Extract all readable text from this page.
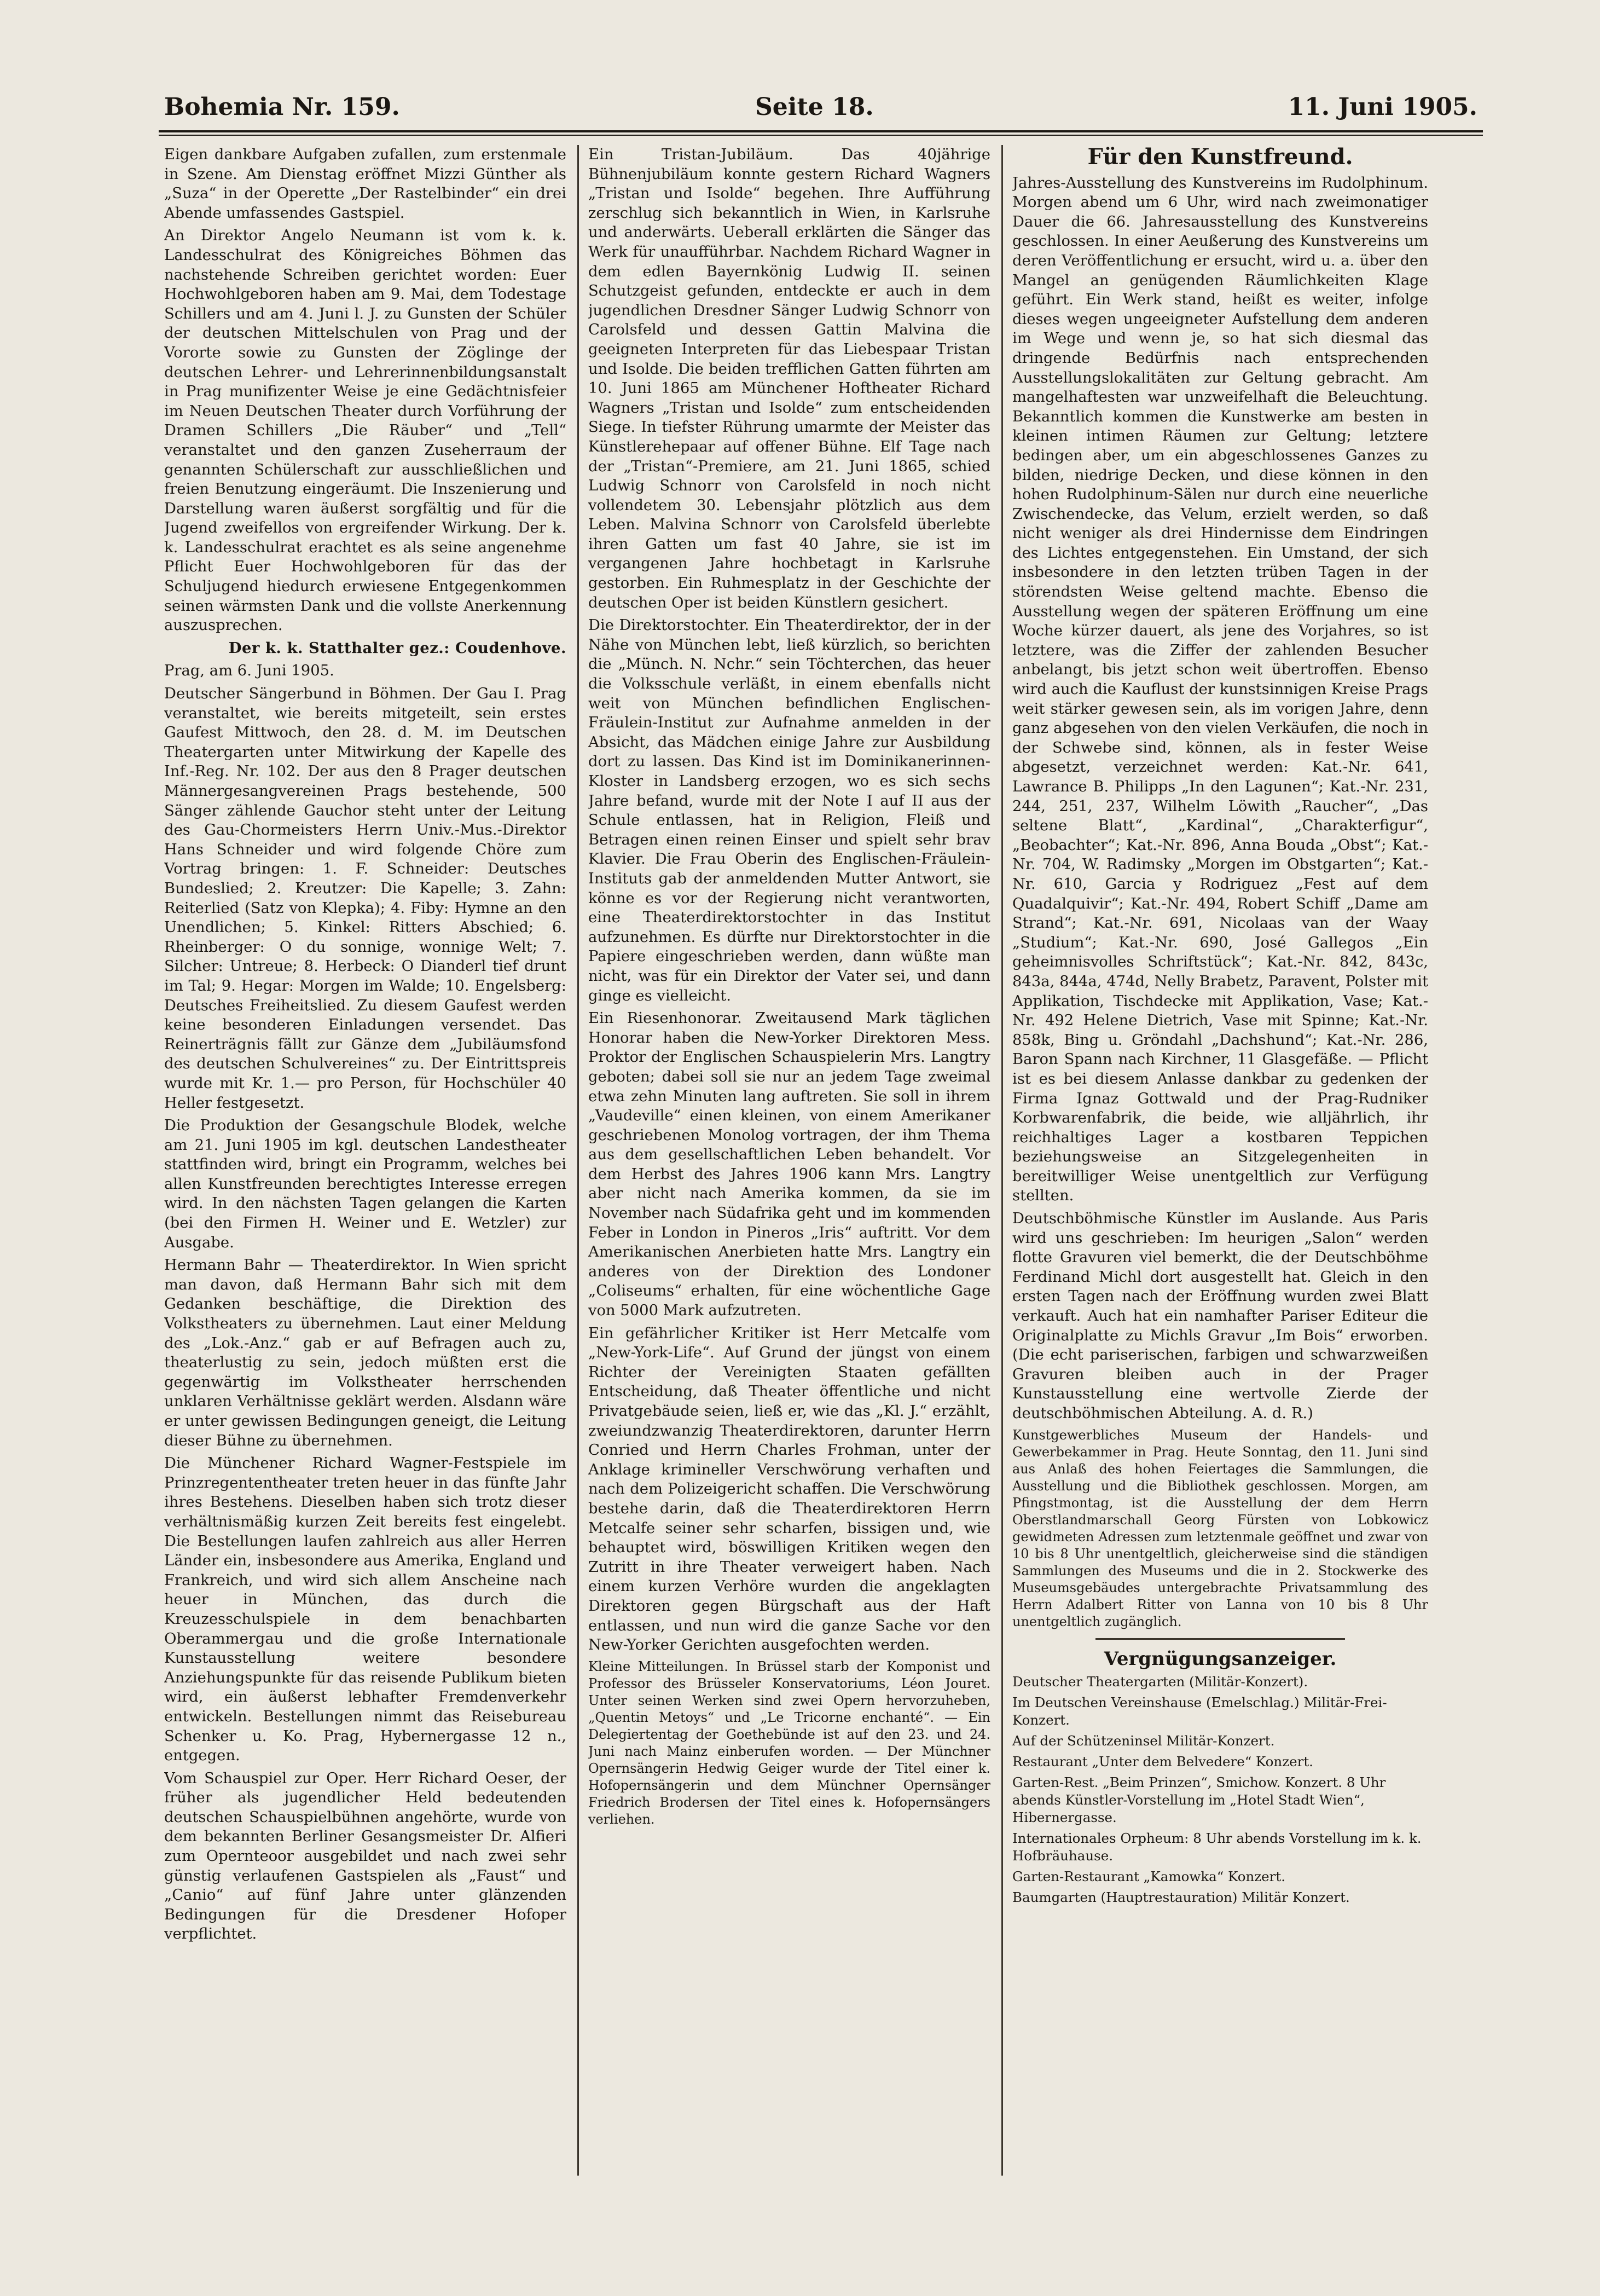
Bohemia Nr. 159.	Seite 18.	11. Juni 1905.

Eigen dankbare Aufgaben zufallen, zum erstenmale in Szene. Am Dienstag eröffnet Mizzi Günther als „Suza“ in der Operette „Der Rastelbinder“ ein drei Abende umfassendes Gastspiel.

An Direktor Angelo Neumann ist vom k. k. Landesschulrat des Königreiches Böhmen das nachstehende Schreiben gerichtet worden: Euer Hochwohlgeboren haben am 9. Mai, dem Todestage Schillers und am 4. Juni l. J. zu Gunsten der Schüler der deutschen Mittelschulen von Prag und der Vororte sowie zu Gunsten der Zöglinge der deutschen Lehrer- und Lehrerinnenbildungsanstalt in Prag munifizenter Weise je eine Gedächtnisfeier im Neuen Deutschen Theater durch Vorführung der Dramen Schillers „Die Räuber“ und „Tell“ veranstaltet und den ganzen Zuseherraum der genannten Schülerschaft zur ausschließlichen und freien Benutzung eingeräumt. Die Inszenierung und Darstellung waren äußerst sorgfältig und für die Jugend zweifellos von ergreifender Wirkung. Der k. k. Landesschulrat erachtet es als seine angenehme Pflicht Euer Hochwohlgeboren für das der Schuljugend hiedurch erwiesene Entgegenkommen seinen wärmsten Dank und die vollste Anerkennung auszusprechen.

Der k. k. Statthalter gez.: Coudenhove.

Prag, am 6. Juni 1905.

Deutscher Sängerbund in Böhmen. Der Gau I. Prag veranstaltet, wie bereits mitgeteilt, sein erstes Gaufest Mittwoch, den 28. d. M. im Deutschen Theatergarten unter Mitwirkung der Kapelle des Inf.-Reg. Nr. 102. Der aus den 8 Prager deutschen Männergesangvereinen Prags bestehende, 500 Sänger zählende Gauchor steht unter der Leitung des Gau-Chormeisters Herrn Univ.-Mus.-Direktor Hans Schneider und wird folgende Chöre zum Vortrag bringen: 1. F. Schneider: Deutsches Bundeslied; 2. Kreutzer: Die Kapelle; 3. Zahn: Reiterlied (Satz von Klepka); 4. Fiby: Hymne an den Unendlichen; 5. Kinkel: Ritters Abschied; 6. Rheinberger: O du sonnige, wonnige Welt; 7. Silcher: Untreue; 8. Herbeck: O Dianderl tief drunt im Tal; 9. Hegar: Morgen im Walde; 10. Engelsberg: Deutsches Freiheitslied. Zu diesem Gaufest werden keine besonderen Einladungen versendet. Das Reinerträgnis fällt zur Gänze dem „Jubiläumsfond des deutschen Schulvereines“ zu. Der Eintrittspreis wurde mit Kr. 1.— pro Person, für Hochschüler 40 Heller festgesetzt.

Die Produktion der Gesangschule Blodek, welche am 21. Juni 1905 im kgl. deutschen Landestheater stattfinden wird, bringt ein Programm, welches bei allen Kunstfreunden berechtigtes Interesse erregen wird. In den nächsten Tagen gelangen die Karten (bei den Firmen H. Weiner und E. Wetzler) zur Ausgabe.

Hermann Bahr — Theaterdirektor. In Wien spricht man davon, daß Hermann Bahr sich mit dem Gedanken beschäftige, die Direktion des Volkstheaters zu übernehmen. Laut einer Meldung des „Lok.-Anz.“ gab er auf Befragen auch zu, theaterlustig zu sein, jedoch müßten erst die gegenwärtig im Volkstheater herrschenden unklaren Verhältnisse geklärt werden. Alsdann wäre er unter gewissen Bedingungen geneigt, die Leitung dieser Bühne zu übernehmen.

Die Münchener Richard Wagner-Festspiele im Prinzregententheater treten heuer in das fünfte Jahr ihres Bestehens. Dieselben haben sich trotz dieser verhältnismäßig kurzen Zeit bereits fest eingelebt. Die Bestellungen laufen zahlreich aus aller Herren Länder ein, insbesondere aus Amerika, England und Frankreich, und wird sich allem Anscheine nach heuer in München, das durch die Kreuzesschulspiele in dem benachbarten Oberammergau und die große Internationale Kunstausstellung weitere besondere Anziehungspunkte für das reisende Publikum bieten wird, ein äußerst lebhafter Fremdenverkehr entwickeln. Bestellungen nimmt das Reisebureau Schenker u. Ko. Prag, Hybernergasse 12 n., entgegen.

Vom Schauspiel zur Oper. Herr Richard Oeser, der früher als jugendlicher Held bedeutenden deutschen Schauspielbühnen angehörte, wurde von dem bekannten Berliner Gesangsmeister Dr. Alfieri zum Opernteoor ausgebildet und nach zwei sehr günstig verlaufenen Gastspielen als „Faust“ und „Canio“ auf fünf Jahre unter glänzenden Bedingungen für die Dresdener Hofoper verpflichtet.

Ein Tristan-Jubiläum. Das 40jährige Bühnenjubiläum konnte gestern Richard Wagners „Tristan und Isolde“ begehen. Ihre Aufführung zerschlug sich bekanntlich in Wien, in Karlsruhe und anderwärts. Ueberall erklärten die Sänger das Werk für unaufführbar. Nachdem Richard Wagner in dem edlen Bayernkönig Ludwig II. seinen Schutzgeist gefunden, entdeckte er auch in dem jugendlichen Dresdner Sänger Ludwig Schnorr von Carolsfeld und dessen Gattin Malvina die geeigneten Interpreten für das Liebespaar Tristan und Isolde. Die beiden trefflichen Gatten führten am 10. Juni 1865 am Münchener Hoftheater Richard Wagners „Tristan und Isolde“ zum entscheidenden Siege. In tiefster Rührung umarmte der Meister das Künstlerehepaar auf offener Bühne. Elf Tage nach der „Tristan“-Premiere, am 21. Juni 1865, schied Ludwig Schnorr von Carolsfeld in noch nicht vollendetem 30. Lebensjahr plötzlich aus dem Leben. Malvina Schnorr von Carolsfeld überlebte ihren Gatten um fast 40 Jahre, sie ist im vergangenen Jahre hochbetagt in Karlsruhe gestorben. Ein Ruhmesplatz in der Geschichte der deutschen Oper ist beiden Künstlern gesichert.

Die Direktorstochter. Ein Theaterdirektor, der in der Nähe von München lebt, ließ kürzlich, so berichten die „Münch. N. Nchr.“ sein Töchterchen, das heuer die Volksschule verläßt, in einem ebenfalls nicht weit von München befindlichen Englischen-Fräulein-Institut zur Aufnahme anmelden in der Absicht, das Mädchen einige Jahre zur Ausbildung dort zu lassen. Das Kind ist im Dominikanerinnen-Kloster in Landsberg erzogen, wo es sich sechs Jahre befand, wurde mit der Note I auf II aus der Schule entlassen, hat in Religion, Fleiß und Betragen einen reinen Einser und spielt sehr brav Klavier. Die Frau Oberin des Englischen-Fräulein-Instituts gab der anmeldenden Mutter Antwort, sie könne es vor der Regierung nicht verantworten, eine Theaterdirektorstochter in das Institut aufzunehmen. Es dürfte nur Direktorstochter in die Papiere eingeschrieben werden, dann wüßte man nicht, was für ein Direktor der Vater sei, und dann ginge es vielleicht.

Ein Riesenhonorar. Zweitausend Mark täglichen Honorar haben die New-Yorker Direktoren Mess. Proktor der Englischen Schauspielerin Mrs. Langtry geboten; dabei soll sie nur an jedem Tage zweimal etwa zehn Minuten lang auftreten. Sie soll in ihrem „Vaudeville“ einen kleinen, von einem Amerikaner geschriebenen Monolog vortragen, der ihm Thema aus dem gesellschaftlichen Leben behandelt. Vor dem Herbst des Jahres 1906 kann Mrs. Langtry aber nicht nach Amerika kommen, da sie im November nach Südafrika geht und im kommenden Feber in London in Pineros „Iris“ auftritt. Vor dem Amerikanischen Anerbieten hatte Mrs. Langtry ein anderes von der Direktion des Londoner „Coliseums“ erhalten, für eine wöchentliche Gage von 5000 Mark aufzutreten.

Ein gefährlicher Kritiker ist Herr Metcalfe vom „New-York-Life“. Auf Grund der jüngst von einem Richter der Vereinigten Staaten gefällten Entscheidung, daß Theater öffentliche und nicht Privatgebäude seien, ließ er, wie das „Kl. J.“ erzählt, zweiundzwanzig Theaterdirektoren, darunter Herrn Conried und Herrn Charles Frohman, unter der Anklage krimineller Verschwörung verhaften und nach dem Polizeigericht schaffen. Die Verschwörung bestehe darin, daß die Theaterdirektoren Herrn Metcalfe seiner sehr scharfen, bissigen und, wie behauptet wird, böswilligen Kritiken wegen den Zutritt in ihre Theater verweigert haben. Nach einem kurzen Verhöre wurden die angeklagten Direktoren gegen Bürgschaft aus der Haft entlassen, und nun wird die ganze Sache vor den New-Yorker Gerichten ausgefochten werden.

Kleine Mitteilungen. In Brüssel starb der Komponist und Professor des Brüsseler Konservatoriums, Léon Jouret. Unter seinen Werken sind zwei Opern hervorzuheben, „Quentin Metoys“ und „Le Tricorne enchanté“. — Ein Delegiertentag der Goethebünde ist auf den 23. und 24. Juni nach Mainz einberufen worden. — Der Münchner Opernsängerin Hedwig Geiger wurde der Titel einer k. Hofopernsängerin und dem Münchner Opernsänger Friedrich Brodersen der Titel eines k. Hofopernsängers verliehen.

Für den Kunstfreund.

Jahres-Ausstellung des Kunstvereins im Rudolphinum. Morgen abend um 6 Uhr, wird nach zweimonatiger Dauer die 66. Jahresausstellung des Kunstvereins geschlossen. In einer Aeußerung des Kunstvereins um deren Veröffentlichung er ersucht, wird u. a. über den Mangel an genügenden Räumlichkeiten Klage geführt. Ein Werk stand, heißt es weiter, infolge dieses wegen ungeeigneter Aufstellung dem anderen im Wege und wenn je, so hat sich diesmal das dringende Bedürfnis nach entsprechenden Ausstellungslokalitäten zur Geltung gebracht. Am mangelhaftesten war unzweifelhaft die Beleuchtung. Bekanntlich kommen die Kunstwerke am besten in kleinen intimen Räumen zur Geltung; letztere bedingen aber, um ein abgeschlossenes Ganzes zu bilden, niedrige Decken, und diese können in den hohen Rudolphinum-Sälen nur durch eine neuerliche Zwischendecke, das Velum, erzielt werden, so daß nicht weniger als drei Hindernisse dem Eindringen des Lichtes entgegenstehen. Ein Umstand, der sich insbesondere in den letzten trüben Tagen in der störendsten Weise geltend machte. Ebenso die Ausstellung wegen der späteren Eröffnung um eine Woche kürzer dauert, als jene des Vorjahres, so ist letztere, was die Ziffer der zahlenden Besucher anbelangt, bis jetzt schon weit übertroffen. Ebenso wird auch die Kauflust der kunstsinnigen Kreise Prags weit stärker gewesen sein, als im vorigen Jahre, denn ganz abgesehen von den vielen Verkäufen, die noch in der Schwebe sind, können, als in fester Weise abgesetzt, verzeichnet werden: Kat.-Nr. 641, Lawrance B. Philipps „In den Lagunen“; Kat.-Nr. 231, 244, 251, 237, Wilhelm Löwith „Raucher“, „Das seltene Blatt“, „Kardinal“, „Charakterfigur“, „Beobachter“; Kat.-Nr. 896, Anna Bouda „Obst“; Kat.-Nr. 704, W. Radimsky „Morgen im Obstgarten“; Kat.-Nr. 610, Garcia y Rodriguez „Fest auf dem Quadalquivir“; Kat.-Nr. 494, Robert Schiff „Dame am Strand“; Kat.-Nr. 691, Nicolaas van der Waay „Studium“; Kat.-Nr. 690, José Gallegos „Ein geheimnisvolles Schriftstück“; Kat.-Nr. 842, 843c, 843a, 844a, 474d, Nelly Brabetz, Paravent, Polster mit Applikation, Tischdecke mit Applikation, Vase; Kat.-Nr. 492 Helene Dietrich, Vase mit Spinne; Kat.-Nr. 858k, Bing u. Gröndahl „Dachshund“; Kat.-Nr. 286, Baron Spann nach Kirchner, 11 Glasgefäße. — Pflicht ist es bei diesem Anlasse dankbar zu gedenken der Firma Ignaz Gottwald und der Prag-Rudniker Korbwarenfabrik, die beide, wie alljährlich, ihr reichhaltiges Lager a kostbaren Teppichen beziehungsweise an Sitzgelegenheiten in bereitwilliger Weise unentgeltlich zur Verfügung stellten.

Deutschböhmische Künstler im Auslande. Aus Paris wird uns geschrieben: Im heurigen „Salon“ werden flotte Gravuren viel bemerkt, die der Deutschböhme Ferdinand Michl dort ausgestellt hat. Gleich in den ersten Tagen nach der Eröffnung wurden zwei Blatt verkauft. Auch hat ein namhafter Pariser Editeur die Originalplatte zu Michls Gravur „Im Bois“ erworben. (Die echt pariserischen, farbigen und schwarzweißen Gravuren bleiben auch in der Prager Kunstausstellung eine wertvolle Zierde der deutschböhmischen Abteilung. A. d. R.)

Kunstgewerbliches Museum der Handels- und Gewerbekammer in Prag. Heute Sonntag, den 11. Juni sind aus Anlaß des hohen Feiertages die Sammlungen, die Ausstellung und die Bibliothek geschlossen. Morgen, am Pfingstmontag, ist die Ausstellung der dem Herrn Oberstlandmarschall Georg Fürsten von Lobkowicz gewidmeten Adressen zum letztenmale geöffnet und zwar von 10 bis 8 Uhr unentgeltlich, gleicherweise sind die ständigen Sammlungen des Museums und die in 2. Stockwerke des Museumsgebäudes untergebrachte Privatsammlung des Herrn Adalbert Ritter von Lanna von 10 bis 8 Uhr unentgeltlich zugänglich.

Vergnügungsanzeiger.

Deutscher Theatergarten (Militär-Konzert).

Im Deutschen Vereinshause (Emelschlag.) Militär-Frei-Konzert.

Auf der Schützeninsel Militär-Konzert.

Restaurant „Unter dem Belvedere“ Konzert.

Garten-Rest. „Beim Prinzen“, Smichow. Konzert. 8 Uhr abends Künstler-Vorstellung im „Hotel Stadt Wien“, Hibernergasse.

Internationales Orpheum: 8 Uhr abends Vorstellung im k. k. Hofbräuhause.

Garten-Restaurant „Kamowka“ Konzert.

Baumgarten (Hauptrestauration) Militär Konzert.
